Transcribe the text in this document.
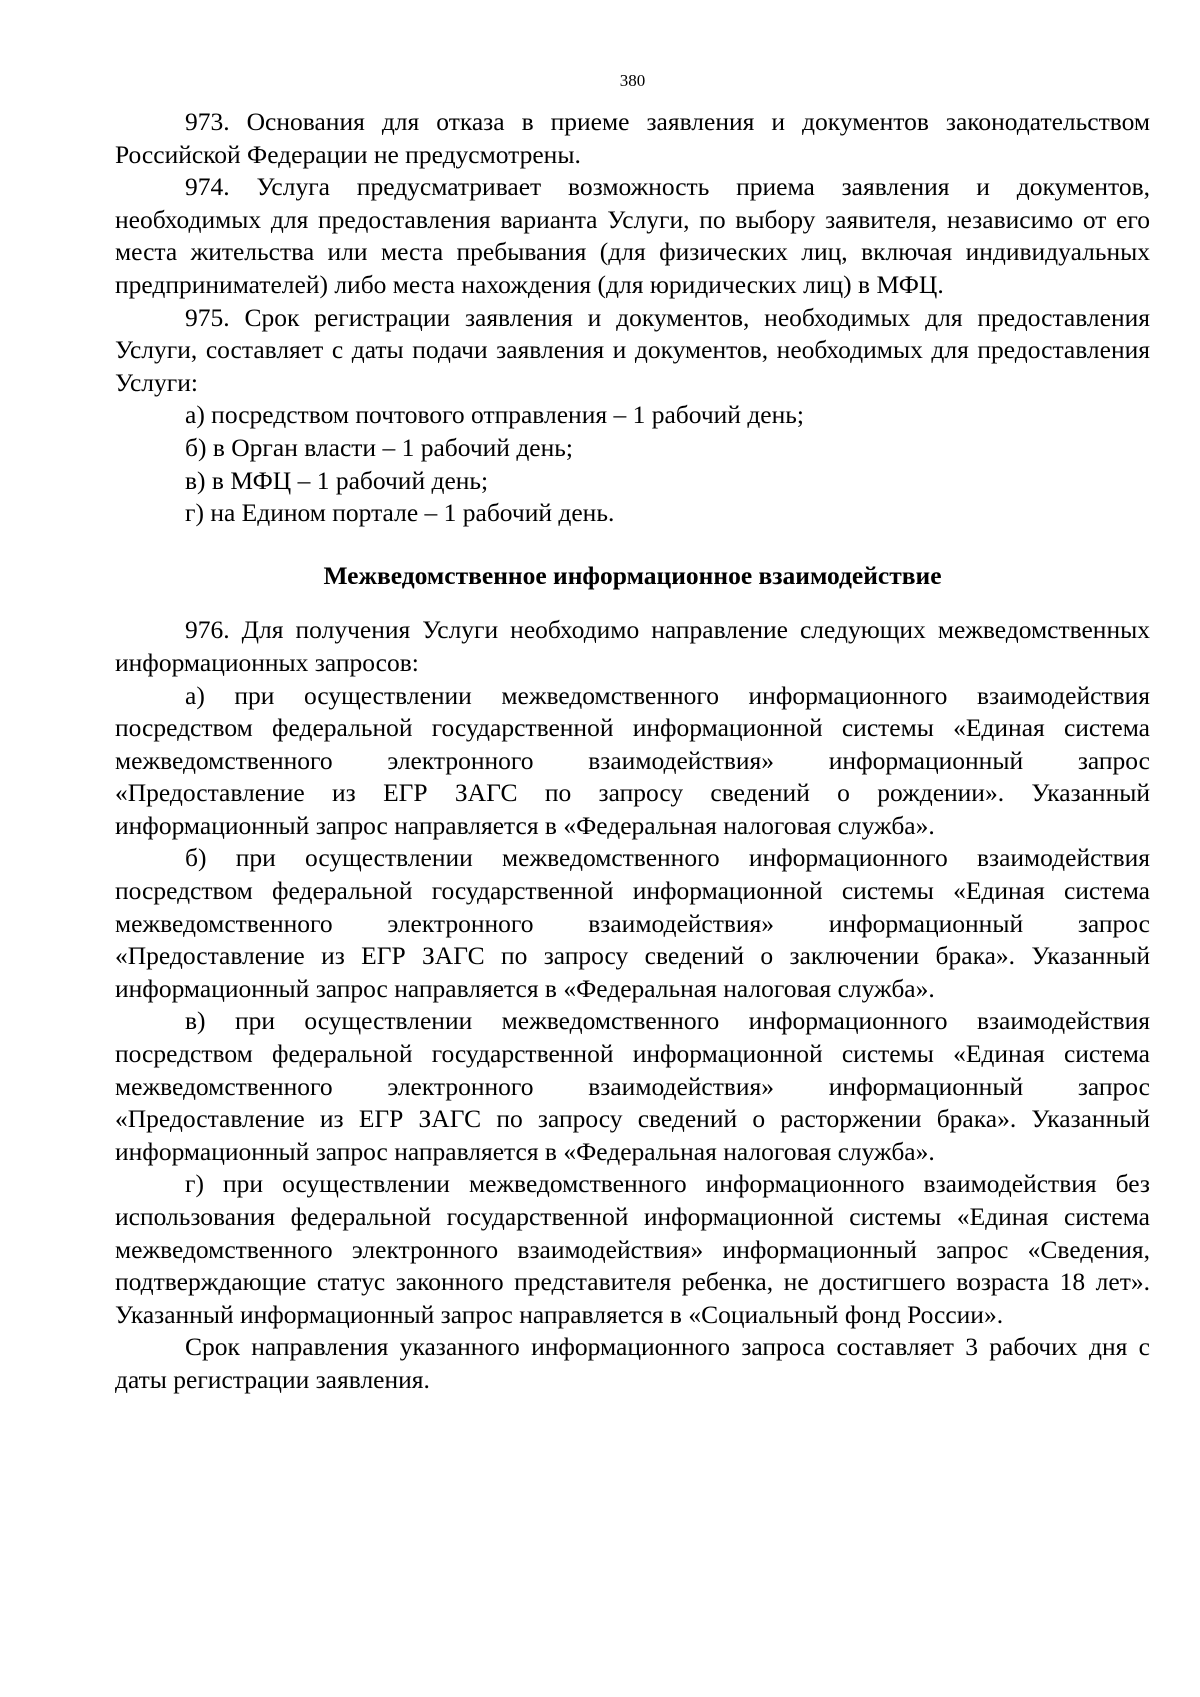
380

973. Основания для отказа в приеме заявления и документов законодательством Российской Федерации не предусмотрены.

974. Услуга предусматривает возможность приема заявления и документов, необходимых для предоставления варианта Услуги, по выбору заявителя, независимо от его места жительства или места пребывания (для физических лиц, включая индивидуальных предпринимателей) либо места нахождения (для юридических лиц) в МФЦ.

975. Срок регистрации заявления и документов, необходимых для предоставления Услуги, составляет с даты подачи заявления и документов, необходимых для предоставления Услуги:

а) посредством почтового отправления – 1 рабочий день;
б) в Орган власти – 1 рабочий день;
в) в МФЦ – 1 рабочий день;
г) на Едином портале – 1 рабочий день.
Межведомственное информационное взаимодействие

976. Для получения Услуги необходимо направление следующих межведомственных информационных запросов:

а) при осуществлении межведомственного информационного взаимодействия посредством федеральной государственной информационной системы «Единая система межведомственного электронного взаимодействия» информационный запрос «Предоставление из ЕГР ЗАГС по запросу сведений о рождении». Указанный информационный запрос направляется в «Федеральная налоговая служба».

б) при осуществлении межведомственного информационного взаимодействия посредством федеральной государственной информационной системы «Единая система межведомственного электронного взаимодействия» информационный запрос «Предоставление из ЕГР ЗАГС по запросу сведений о заключении брака». Указанный информационный запрос направляется в «Федеральная налоговая служба».

в) при осуществлении межведомственного информационного взаимодействия посредством федеральной государственной информационной системы «Единая система межведомственного электронного взаимодействия» информационный запрос «Предоставление из ЕГР ЗАГС по запросу сведений о расторжении брака». Указанный информационный запрос направляется в «Федеральная налоговая служба».

г) при осуществлении межведомственного информационного взаимодействия без использования федеральной государственной информационной системы «Единая система межведомственного электронного взаимодействия» информационный запрос «Сведения, подтверждающие статус законного представителя ребенка, не достигшего возраста 18 лет». Указанный информационный запрос направляется в «Социальный фонд России».

Срок направления указанного информационного запроса составляет 3 рабочих дня с даты регистрации заявления.
